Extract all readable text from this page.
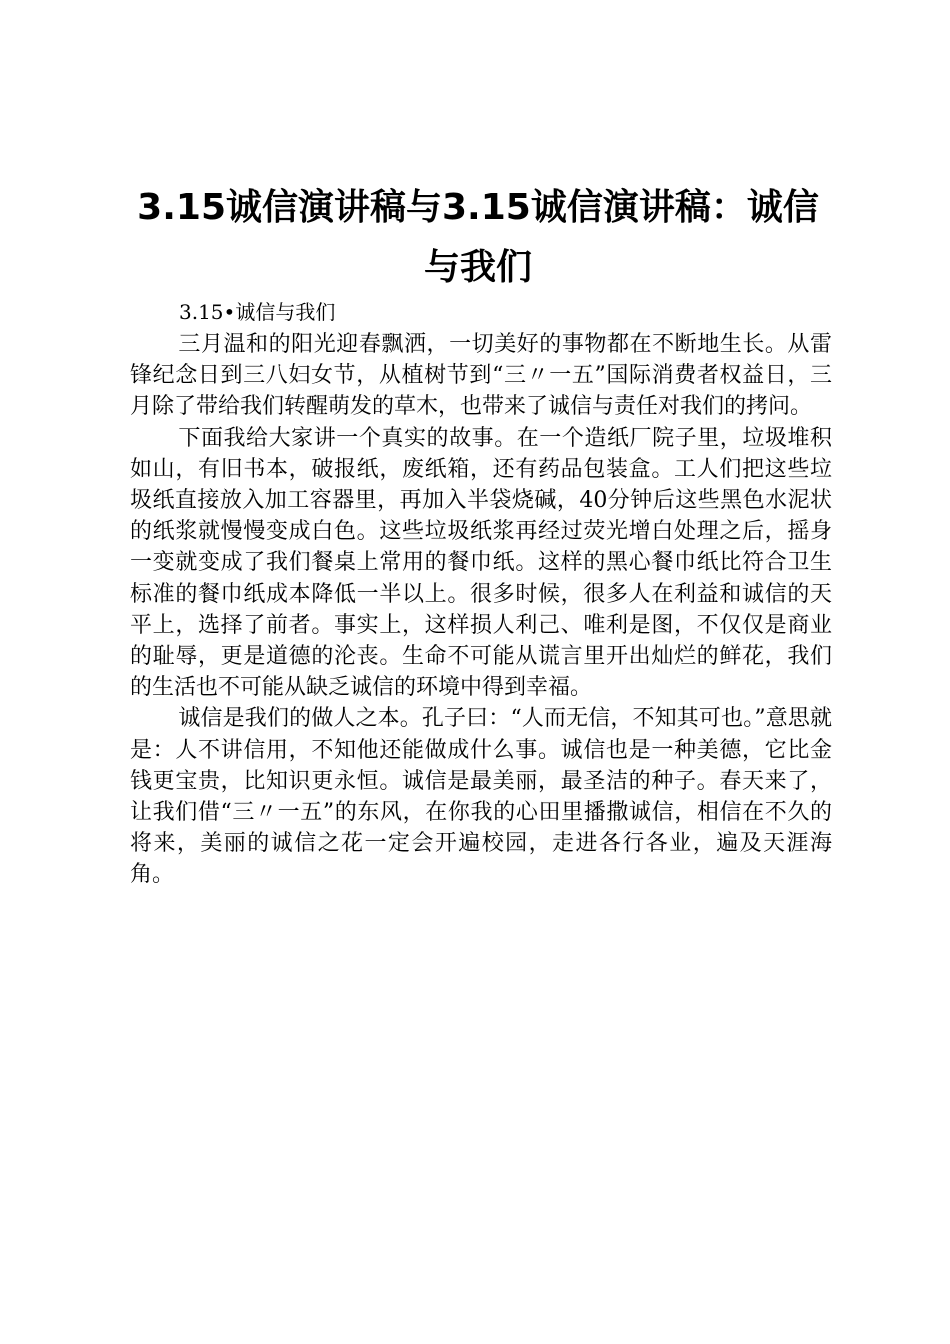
3.15诚信演讲稿与3.15诚信演讲稿：诚信与我们
3.15•诚信与我们

三月温和的阳光迎春飘洒，一切美好的事物都在不断地生长。从雷锋纪念日到三八妇女节，从植树节到“三〃一五”国际消费者权益日，三月除了带给我们转醒萌发的草木，也带来了诚信与责任对我们的拷问。

下面我给大家讲一个真实的故事。在一个造纸厂院子里，垃圾堆积如山，有旧书本，破报纸，废纸箱，还有药品包装盒。工人们把这些垃圾纸直接放入加工容器里，再加入半袋烧碱，40分钟后这些黑色水泥状的纸浆就慢慢变成白色。这些垃圾纸浆再经过荧光增白处理之后，摇身一变就变成了我们餐桌上常用的餐巾纸。这样的黑心餐巾纸比符合卫生标准的餐巾纸成本降低一半以上。很多时候，很多人在利益和诚信的天平上，选择了前者。事实上，这样损人利己、唯利是图，不仅仅是商业的耻辱，更是道德的沦丧。生命不可能从谎言里开出灿烂的鲜花，我们的生活也不可能从缺乏诚信的环境中得到幸福。

诚信是我们的做人之本。孔子曰：“人而无信，不知其可也。”意思就是：人不讲信用，不知他还能做成什么事。诚信也是一种美德，它比金钱更宝贵，比知识更永恒。诚信是最美丽，最圣洁的种子。春天来了，让我们借“三〃一五”的东风，在你我的心田里播撒诚信，相信在不久的将来，美丽的诚信之花一定会开遍校园，走进各行各业，遍及天涯海角。
